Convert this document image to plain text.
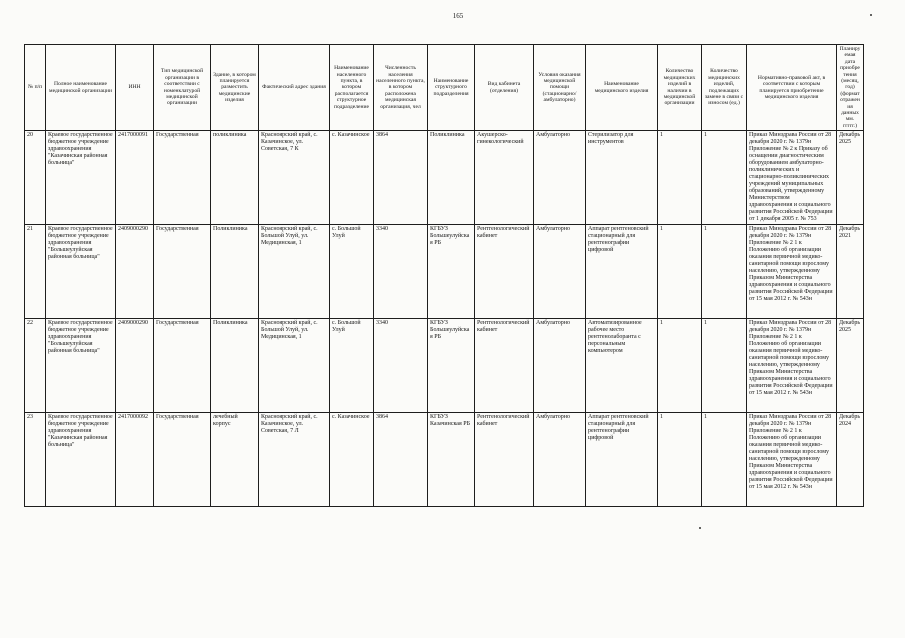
165
№ п/п	Полное наименование медицинской организации	ИНН	Тип медицинской организации в соответствии с номенклатурой медицинской организации	Здание, в котором планируется разместить медицинские изделия	Фактический адрес здания	Наименование населенного пункта, в котором располагается структурное подразделение	Численность населения населенного пункта, в котором расположена медицинская организация, чел	Наименование структурного подразделения	Вид кабинета (отделения)	Условия оказания медицинской помощи (стационарно/амбулаторно)	Наименование медицинского изделия	Количество медицинских изделий в наличии в медицинской организации	Количество медицинских изделий, подлежащих замене в связи с износом (ед.)	Нормативно-правовой акт, в соответствии с которым планируется приобретение медицинского изделия	Планируемая дата приобретения (месяц, год) (формат отражения данных мм. ггггг.)
20	Краевое государственное бюджетное учреждение здравоохранения "Казачинская районная больница"	2417000091	Государственная	поликлиника	Красноярский край, с. Казачинское, ул. Советская, 7 К	с. Казачинское	3864	Поликлиника	Акушерско-гинекологический	Амбулаторно	Стерилизатор для инструментов	1	1	Приказ Минздрава России от 28 декабря 2020 г. № 1379н Приложение № 2 к Приказу об оснащении диагностическим оборудованием амбулаторно-поликлинических и стационарно-поликлинических учреждений муниципальных образований, утвержденному Министерством здравоохранения и социального развития Российской Федерации от 1 декабря 2005 г. № 753	Декабрь 2025
21	Краевое государственное бюджетное учреждение здравоохранения "Большеулуйская районная больница"	2409000290	Государственная	Поликлиника	Красноярский край, с. Большой Улуй, ул. Медицинская, 1	с. Большой Улуй	3340	КГБУЗ Большеулуйская РБ	Рентгенологический кабинет	Амбулаторно	Аппарат рентгеновский стационарный для рентгенографии цифровой	1	1	Приказ Минздрава России от 28 декабря 2020 г. № 1379н Приложение № 2 1 к Положению об организации оказания первичной медико-санитарной помощи взрослому населению, утвержденному Приказом Министерства здравоохранения и социального развития Российской Федерации от 15 мая 2012 г. № 543н	Декабрь 2021
22	Краевое государственное бюджетное учреждение здравоохранения "Большеулуйская районная больница"	2409000290	Государственная	Поликлиника	Красноярский край, с. Большой Улуй, ул. Медицинская, 1	с. Большой Улуй	3340	КГБУЗ Большеулуйская РБ	Рентгенологический кабинет	Амбулаторно	Автоматизированное рабочее место рентгенолаборанта с персональным компьютером	1	1	Приказ Минздрава России от 28 декабря 2020 г. № 1379н Приложение № 2 1 к Положению об организации оказания первичной медико-санитарной помощи взрослому населению, утвержденному Приказом Министерства здравоохранения и социального развития Российской Федерации от 15 мая 2012 г. № 543н	Декабрь 2025
23	Краевое государственное бюджетное учреждение здравоохранения "Казачинская районная больница"	2417000092	Государственная	лечебный корпус	Красноярский край, с. Казачинское, ул. Советская, 7 Л	с. Казачинское	3864	КГБУЗ Казачинская РБ	Рентгенологический кабинет	Амбулаторно	Аппарат рентгеновский стационарный для рентгенографии цифровой	1	1	Приказ Минздрава России от 28 декабря 2020 г. № 1379н Приложение № 2 1 к Положению об организации оказания первичной медико-санитарной помощи взрослому населению, утвержденному Приказом Министерства здравоохранения и социального развития Российской Федерации от 15 мая 2012 г. № 543н	Декабрь 2024
